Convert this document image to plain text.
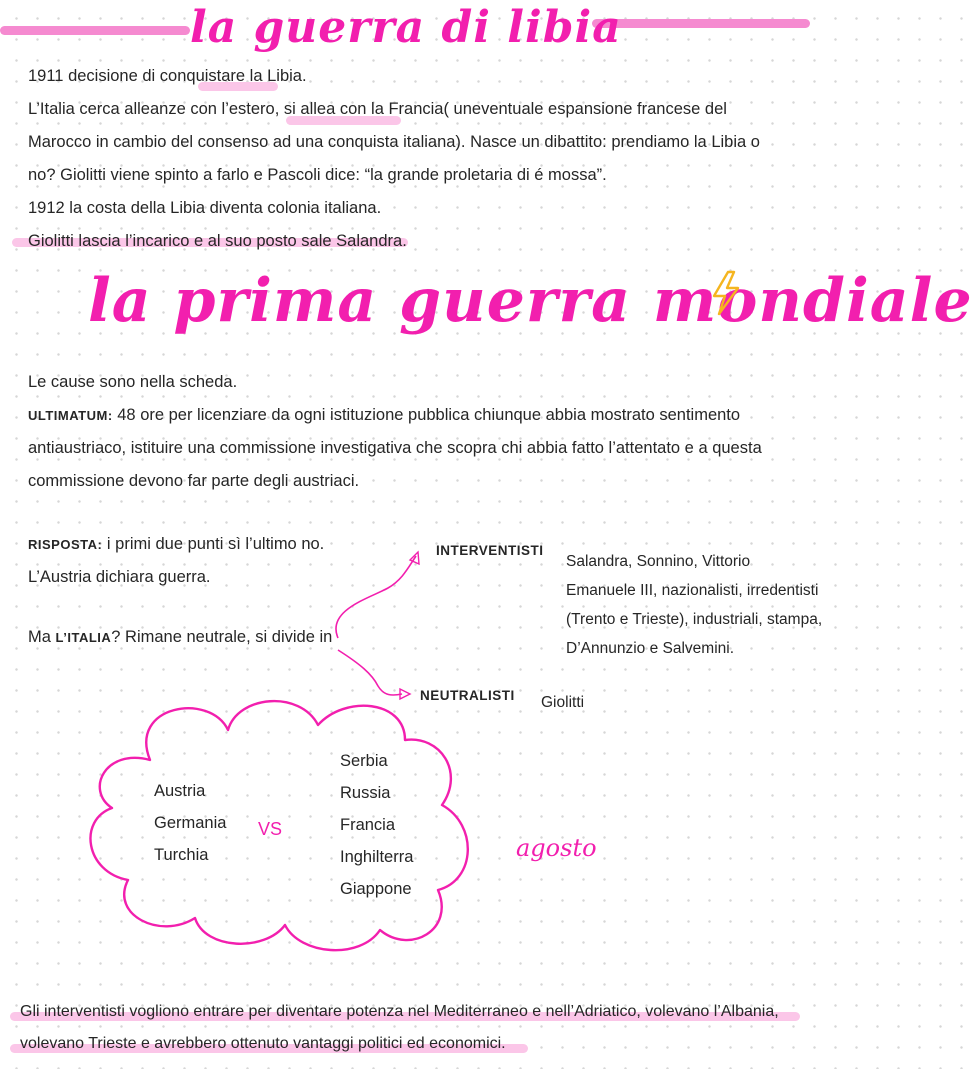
la guerra di libia
1911 decisione di conquistare la Libia.
L’Italia cerca alleanze con l’estero, si allea con la Francia( uneventuale espansione francese del
Marocco in cambio del consenso ad una conquista italiana). Nasce un dibattito: prendiamo la Libia o
no? Giolitti viene spinto a farlo e Pascoli dice: “la grande proletaria di é mossa”.
1912 la costa della Libia diventa colonia italiana.
Giolitti lascia l’incarico e al suo posto sale Salandra.
la prima guerra mondiale
Le cause sono nella scheda.
ULTIMATUM: 48 ore per licenziare da ogni istituzione pubblica chiunque abbia mostrato sentimento
antiaustriaco, istituire una commissione investigativa che scopra chi abbia fatto l’attentato e a questa
commissione devono far parte degli austriaci.
RISPOSTA: i primi due punti sì l’ultimo no.
L’Austria dichiara guerra.
Ma L’ITALIA? Rimane neutrale, si divide in
INTERVENTISTI
Salandra, Sonnino, Vittorio
Emanuele III, nazionalisti, irredentisti
(Trento e Trieste), industriali, stampa,
D’Annunzio e Salvemini.
NEUTRALISTI Giolitti
Austria
Germania
Turchia
VS
Serbia
Russia
Francia
Inghilterra
Giappone
agosto
Gli interventisti vogliono entrare per diventare potenza nel Mediterraneo e nell’Adriatico, volevano l’Albania,
volevano Trieste e avrebbero ottenuto vantaggi politici ed economici.
